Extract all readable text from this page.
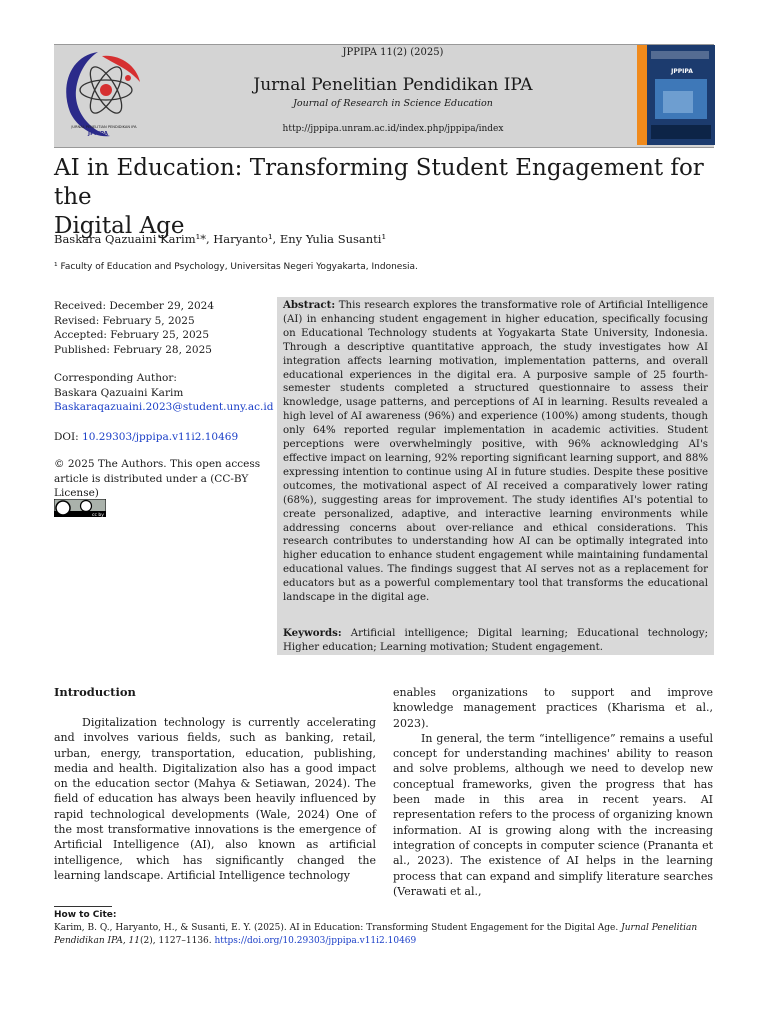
JURNAL PENELITIAN PENDIDIKAN IPA
JPPIPA
JPPIPA
JPPIPA 11(2) (2025)
Jurnal Penelitian Pendidikan IPA
Journal of Research in Science Education
http://jppipa.unram.ac.id/index.php/jppipa/index
AI in Education: Transforming Student Engagement for the
Digital Age
Baskara Qazuaini Karim¹*, Haryanto¹, Eny Yulia Susanti¹
¹ Faculty of Education and Psychology, Universitas Negeri Yogyakarta, Indonesia.
Received: December 29, 2024
Revised: February 5, 2025
Accepted: February 25, 2025
Published: February 28, 2025
Corresponding Author:
Baskara Qazuaini Karim
Baskaraqazuaini.2023@student.uny.ac.id
DOI: 10.29303/jppipa.v11i2.10469
© 2025 The Authors. This open access
article is distributed under a (CC-BY
License)
cc by
Abstract: This research explores the transformative role of Artificial Intelligence (AI) in enhancing student engagement in higher education, specifically focusing on Educational Technology students at Yogyakarta State University, Indonesia. Through a descriptive quantitative approach, the study investigates how AI integration affects learning motivation, implementation patterns, and overall educational experiences in the digital era. A purposive sample of 25 fourth-semester students completed a structured questionnaire to assess their knowledge, usage patterns, and perceptions of AI in learning. Results revealed a high level of AI awareness (96%) and experience (100%) among students, though only 64% reported regular implementation in academic activities. Student perceptions were overwhelmingly positive, with 96% acknowledging AI's effective impact on learning, 92% reporting significant learning support, and 88% expressing intention to continue using AI in future studies. Despite these positive outcomes, the motivational aspect of AI received a comparatively lower rating (68%), suggesting areas for improvement. The study identifies AI's potential to create personalized, adaptive, and interactive learning environments while addressing concerns about over-reliance and ethical considerations. This research contributes to understanding how AI can be optimally integrated into higher education to enhance student engagement while maintaining fundamental educational values. The findings suggest that AI serves not as a replacement for educators but as a powerful complementary tool that transforms the educational landscape in the digital age.
Keywords: Artificial intelligence; Digital learning; Educational technology; Higher education; Learning motivation; Student engagement.
Introduction

Digitalization technology is currently accelerating and involves various fields, such as banking, retail, urban, energy, transportation, education, publishing, media and health. Digitalization also has a good impact on the education sector (Mahya & Setiawan, 2024). The field of education has always been heavily influenced by rapid technological developments (Wale, 2024) One of the most transformative innovations is the emergence of Artificial Intelligence (AI), also known as artificial intelligence, which has significantly changed the learning landscape. Artificial Intelligence technology

enables organizations to support and improve knowledge management practices (Kharisma et al., 2023).

In general, the term “intelligence” remains a useful concept for understanding machines' ability to reason and solve problems, although we need to develop new conceptual frameworks, given the progress that has been made in this area in recent years. AI representation refers to the process of organizing known information. AI is growing along with the increasing integration of concepts in computer science (Prananta et al., 2023). The existence of AI helps in the learning process that can expand and simplify literature searches (Verawati et al.,

How to Cite:
Karim, B. Q., Haryanto, H., & Susanti, E. Y. (2025). AI in Education: Transforming Student Engagement for the Digital Age. Jurnal Penelitian Pendidikan IPA, 11(2), 1127–1136. https://doi.org/10.29303/jppipa.v11i2.10469
